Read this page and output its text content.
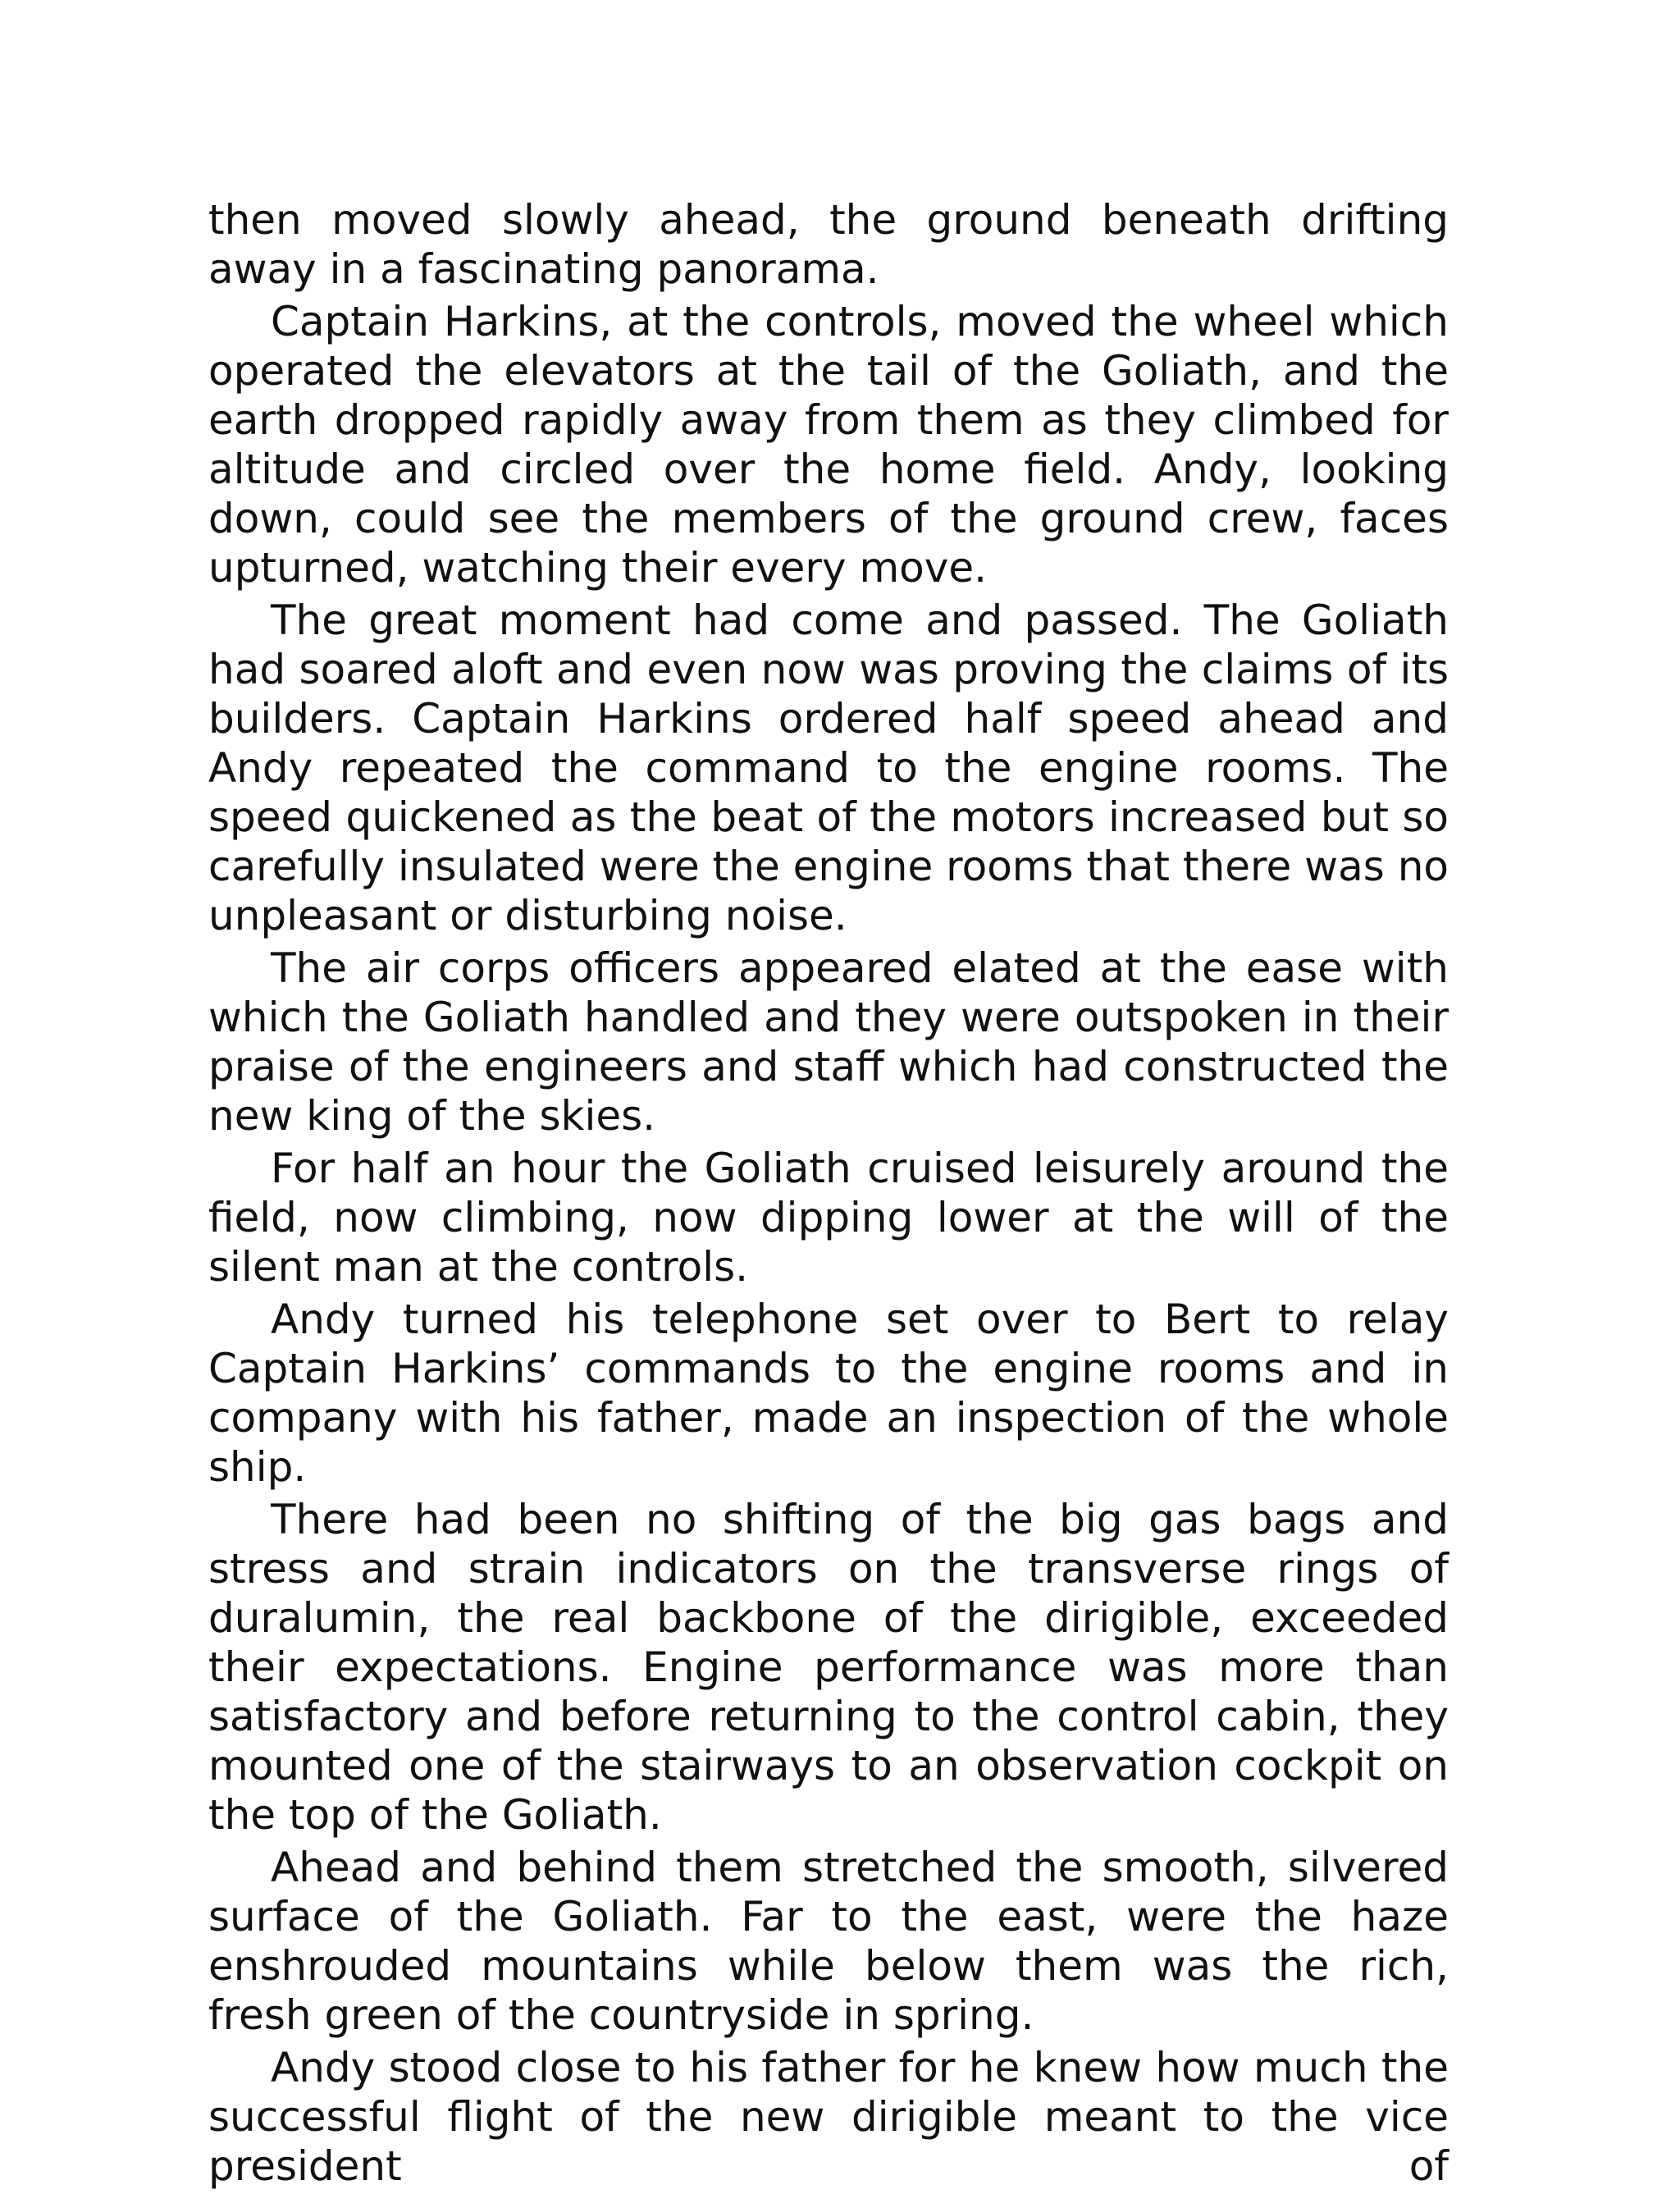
then moved slowly ahead, the ground beneath drifting away in a fascinating panorama.

Captain Harkins, at the controls, moved the wheel which operated the elevators at the tail of the Goliath, and the earth dropped rapidly away from them as they climbed for altitude and circled over the home field. Andy, looking down, could see the members of the ground crew, faces upturned, watching their every move.

The great moment had come and passed. The Goliath had soared aloft and even now was proving the claims of its builders. Captain Harkins ordered half speed ahead and Andy repeated the command to the engine rooms. The speed quickened as the beat of the motors increased but so carefully insulated were the engine rooms that there was no unpleasant or disturbing noise.

The air corps officers appeared elated at the ease with which the Goliath handled and they were outspoken in their praise of the engineers and staff which had constructed the new king of the skies.

For half an hour the Goliath cruised leisurely around the field, now climbing, now dipping lower at the will of the silent man at the controls.

Andy turned his telephone set over to Bert to relay Captain Harkins’ commands to the engine rooms and in company with his father, made an inspection of the whole ship.

There had been no shifting of the big gas bags and stress and strain indicators on the transverse rings of duralumin, the real backbone of the dirigible, exceeded their expectations. Engine performance was more than satisfactory and before returning to the control cabin, they mounted one of the stairways to an observation cockpit on the top of the Goliath.

Ahead and behind them stretched the smooth, silvered surface of the Goliath. Far to the east, were the haze enshrouded mountains while below them was the rich, fresh green of the countryside in spring.

Andy stood close to his father for he knew how much the successful flight of the new dirigible meant to the vice president of
